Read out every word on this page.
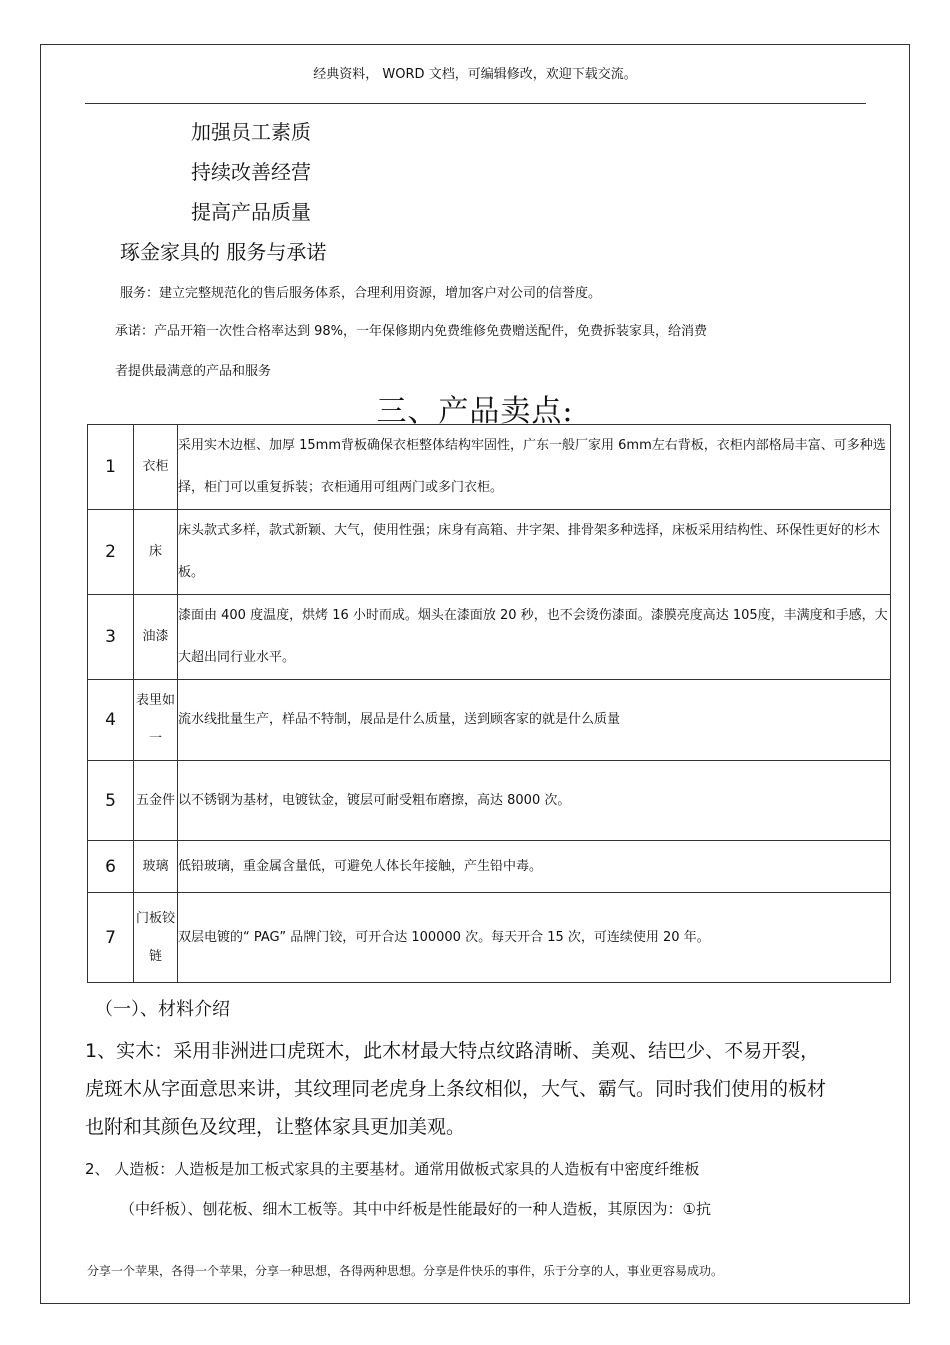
经典资料， WORD 文档，可编辑修改，欢迎下载交流。
加强员工素质
持续改善经营
提高产品质量
琢金家具的 服务与承诺
服务：建立完整规范化的售后服务体系，合理利用资源，增加客户对公司的信誉度。
承诺：产品开箱一次性合格率达到 98%，一年保修期内免费维修免费赠送配件，免费拆装家具，给消费
者提供最满意的产品和服务
三、产品卖点:
1	衣柜	采用实木边框、加厚 15mm背板确保衣柜整体结构牢固性，广东一般厂家用 6mm左右背板，衣柜内部格局丰富、可多种选择，柜门可以重复拆装；衣柜通用可组两门或多门衣柜。
2	床	床头款式多样，款式新颖、大气，使用性强；床身有高箱、井字架、排骨架多种选择，床板采用结构性、环保性更好的杉木板。
3	油漆	漆面由 400 度温度，烘烤 16 小时而成。烟头在漆面放 20 秒，也不会烫伤漆面。漆膜亮度高达 105度，丰满度和手感，大大超出同行业水平。
4	表里如一	流水线批量生产，样品不特制，展品是什么质量，送到顾客家的就是什么质量
5	五金件	以不锈钢为基材，电镀钛金，镀层可耐受粗布磨擦，高达 8000 次。
6	玻璃	低铅玻璃，重金属含量低，可避免人体长年接触，产生铅中毒。
7	门板铰链	双层电镀的“ PAG” 品牌门铰，可开合达 100000 次。每天开合 15 次，可连续使用 20 年。
（一）、材料介绍
1、实木：采用非洲进口虎斑木，此木材最大特点纹路清晰、美观、结巴少、不易开裂，虎斑木从字面意思来讲，其纹理同老虎身上条纹相似，大气、霸气。同时我们使用的板材也附和其颜色及纹理，让整体家具更加美观。
2、 人造板：人造板是加工板式家具的主要基材。通常用做板式家具的人造板有中密度纤维板
（中纤板）、刨花板、细木工板等。其中中纤板是性能最好的一种人造板，其原因为：①抗
分享一个苹果，各得一个苹果，分享一种思想，各得两种思想。分享是件快乐的事件，乐于分享的人，事业更容易成功。
